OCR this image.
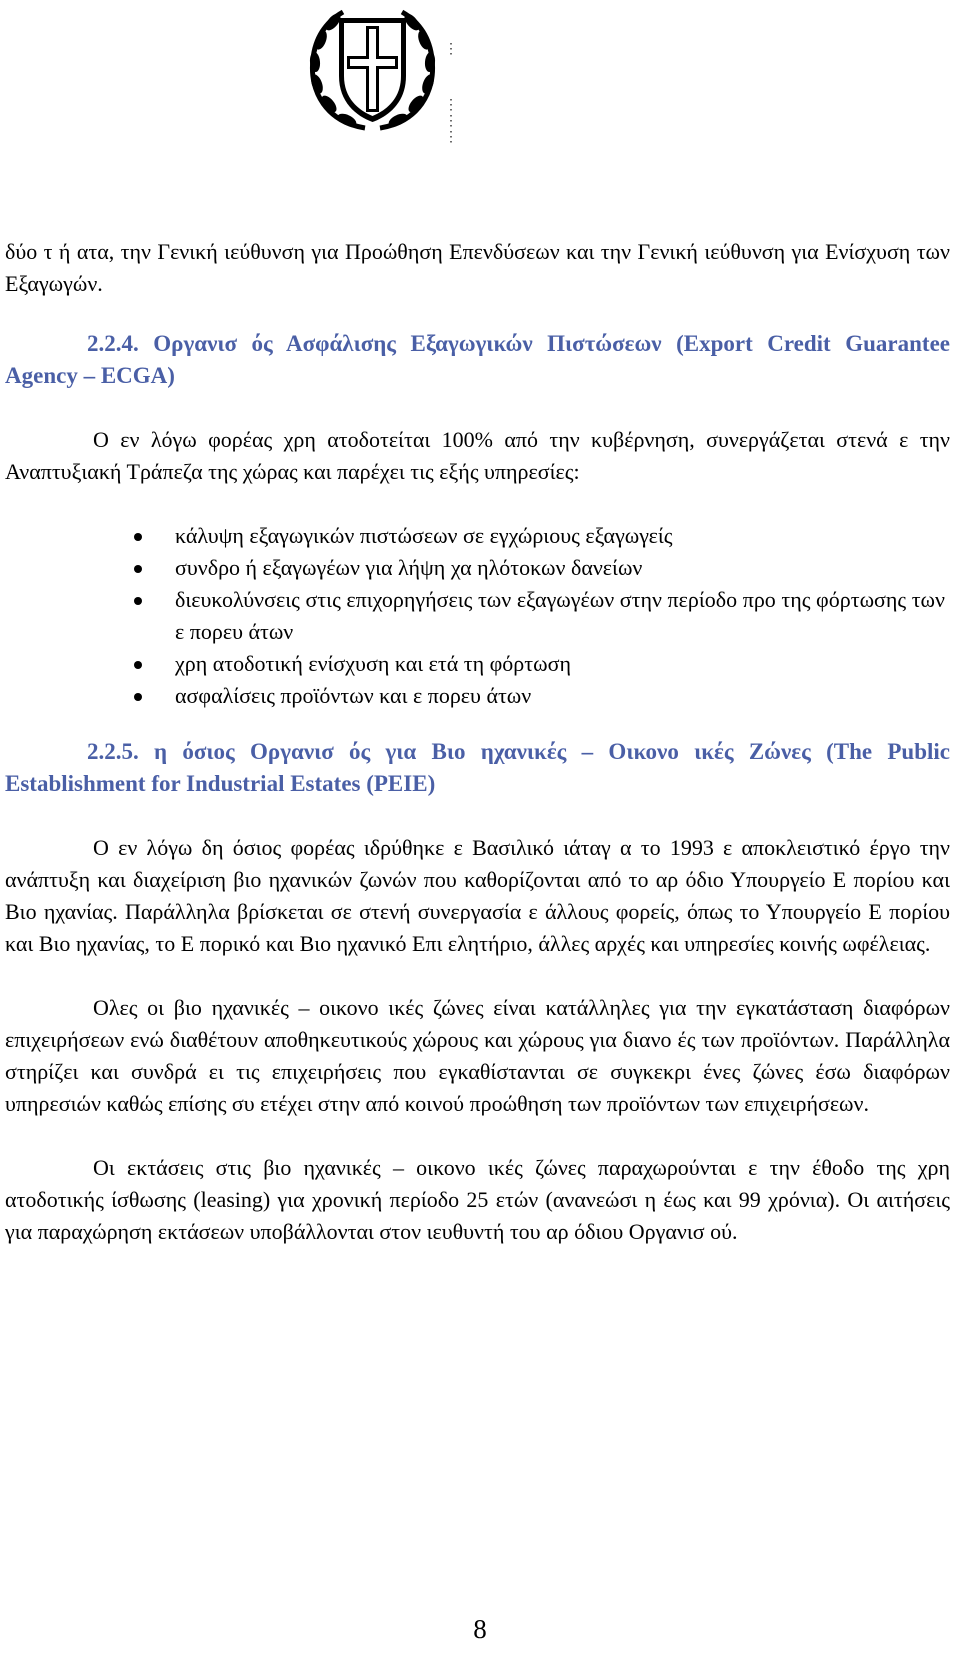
⋮
⋮
⋮
⋮

δύο τ ή ατα, την Γενική ιεύθυνση για Προώθηση Επενδύσεων και την Γενική ιεύθυνση για Ενίσχυση των Εξαγωγών.

2.2.4. Οργανισ ός Ασφάλισης Εξαγωγικών Πιστώσεων (Export Credit Guarantee Agency – ECGA)

Ο εν λόγω φορέας χρη ατοδοτείται 100% από την κυβέρνηση, συνεργάζεται στενά ε την Αναπτυξιακή Τράπεζα της χώρας και παρέχει τις εξής υπηρεσίες:

κάλυψη εξαγωγικών πιστώσεων σε εγχώριους εξαγωγείς
συνδρο ή εξαγωγέων για λήψη χα ηλότοκων δανείων
διευκολύνσεις στις επιχορηγήσεις των εξαγωγέων στην περίοδο προ της φόρτωσης των ε πορευ άτων
χρη ατοδοτική ενίσχυση και ετά τη φόρτωση
ασφαλίσεις προϊόντων και ε πορευ άτων

2.2.5. η όσιος Οργανισ ός για Βιο ηχανικές – Οικονο ικές Ζώνες (The Public Establishment for Industrial Estates (PEIE)

Ο εν λόγω δη όσιος φορέας ιδρύθηκε ε Βασιλικό ιάταγ α το 1993 ε αποκλειστικό έργο την ανάπτυξη και διαχείριση βιο ηχανικών ζωνών που καθορίζονται από το αρ όδιο Υπουργείο Ε πορίου και Βιο ηχανίας. Παράλληλα βρίσκεται σε στενή συνεργασία ε άλλους φορείς, όπως το Υπουργείο Ε πορίου και Βιο ηχανίας, το Ε πορικό και Βιο ηχανικό Επι ελητήριο, άλλες αρχές και υπηρεσίες κοινής ωφέλειας.

Ολες οι βιο ηχανικές – οικονο ικές ζώνες είναι κατάλληλες για την εγκατάσταση διαφόρων επιχειρήσεων ενώ διαθέτουν αποθηκευτικούς χώρους και χώρους για διανο ές των προϊόντων. Παράλληλα στηρίζει και συνδρά ει τις επιχειρήσεις που εγκαθίστανται σε συγκεκρι ένες ζώνες έσω διαφόρων υπηρεσιών καθώς επίσης συ ετέχει στην από κοινού προώθηση των προϊόντων των επιχειρήσεων.

Οι εκτάσεις στις βιο ηχανικές – οικονο ικές ζώνες παραχωρούνται ε την έθοδο της χρη ατοδοτικής ίσθωσης (leasing) για χρονική περίοδο 25 ετών (ανανεώσι η έως και 99 χρόνια). Οι αιτήσεις για παραχώρηση εκτάσεων υποβάλλονται στον ιευθυντή του αρ όδιου Οργανισ ού.

8
